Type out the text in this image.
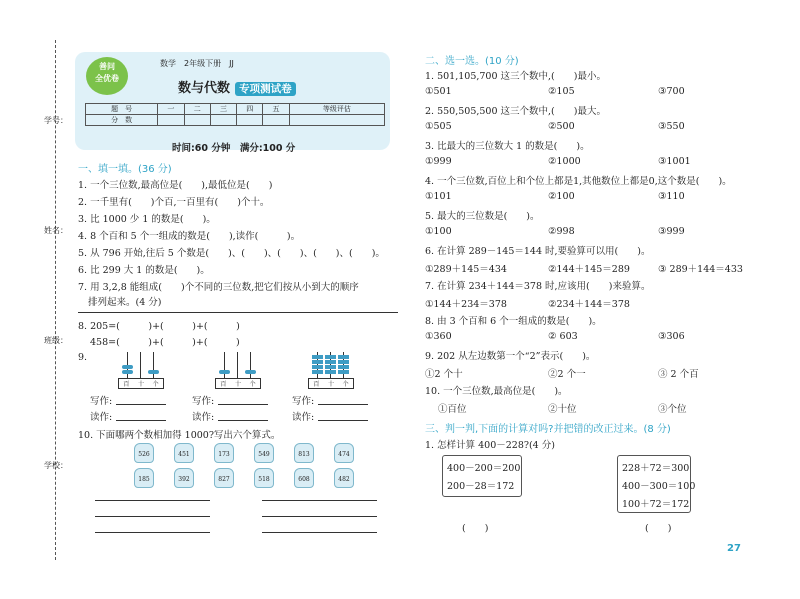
学号：
姓名：
班级：
学校：
善问
全优卷
数学　2年级下册　JJ
数与代数 专项测试卷
题　号	一	二	三	四	五	等级评估
分　数						
时间:60 分钟　满分:100 分
一、填一填。(36 分)
1. 一个三位数,最高位是(　　),最低位是(　　)
2. 一千里有(　　)个百,一百里有(　　)个十。
3. 比 1000 少 1 的数是(　　)。
4. 8 个百和 5 个一组成的数是(　　),读作(　　　)。
5. 从 796 开始,往后 5 个数是(　　)、(　　)、(　　)、(　　)、(　　)。
6. 比 299 大 1 的数是(　　)。
7. 用 3,2,8 能组成(　　)个不同的三位数,把它们按从小到大的顺序
排列起来。(4 分)
8. 205=(　　　)+(　　　)+(　　　)
458=(　　　)+(　　　)+(　　　)
9.
百 十 个	百 十 个	百 十 个
写作:
读作:
写作:
读作:
写作:
读作:
10. 下面哪两个数相加得 1000?写出六个算式。
526	451	173	549	813	474
185	392	827	518	608	482
二、选一选。(10 分)
1. 501,105,700 这三个数中,(　　)最小。
①501	②105	③700
2. 550,505,500 这三个数中,(　　)最大。
①505	②500	③550
3. 比最大的三位数大 1 的数是(　　)。
①999	②1000	③1001
4. 一个三位数,百位上和个位上都是1,其他数位上都是0,这个数是(　　)。
①101	②100	③110
5. 最大的三位数是(　　)。
①100	②998	③999
6. 在计算 289－145＝144 时,要验算可以用(　　)。
①289＋145＝434	②144＋145＝289	③ 289＋144＝433
7. 在计算 234＋144＝378 时,应该用(　　)来验算。
①144＋234＝378	②234＋144＝378
8. 由 3 个百和 6 个一组成的数是(　　)。
①360	② 603	③306
9. 202 从左边数第一个“2”表示(　　)。
①2 个十	②2 个一	③ 2 个百
10. 一个三位数,最高位是(　　)。
①百位	②十位	③个位
三、判一判,下面的计算对吗?并把错的改正过来。(8 分)
1. 怎样计算 400－228?(4 分)
400－200＝200
200－28＝172
228＋72＝300
400－300＝100
100＋72＝172
(　　)	(　　)
27
